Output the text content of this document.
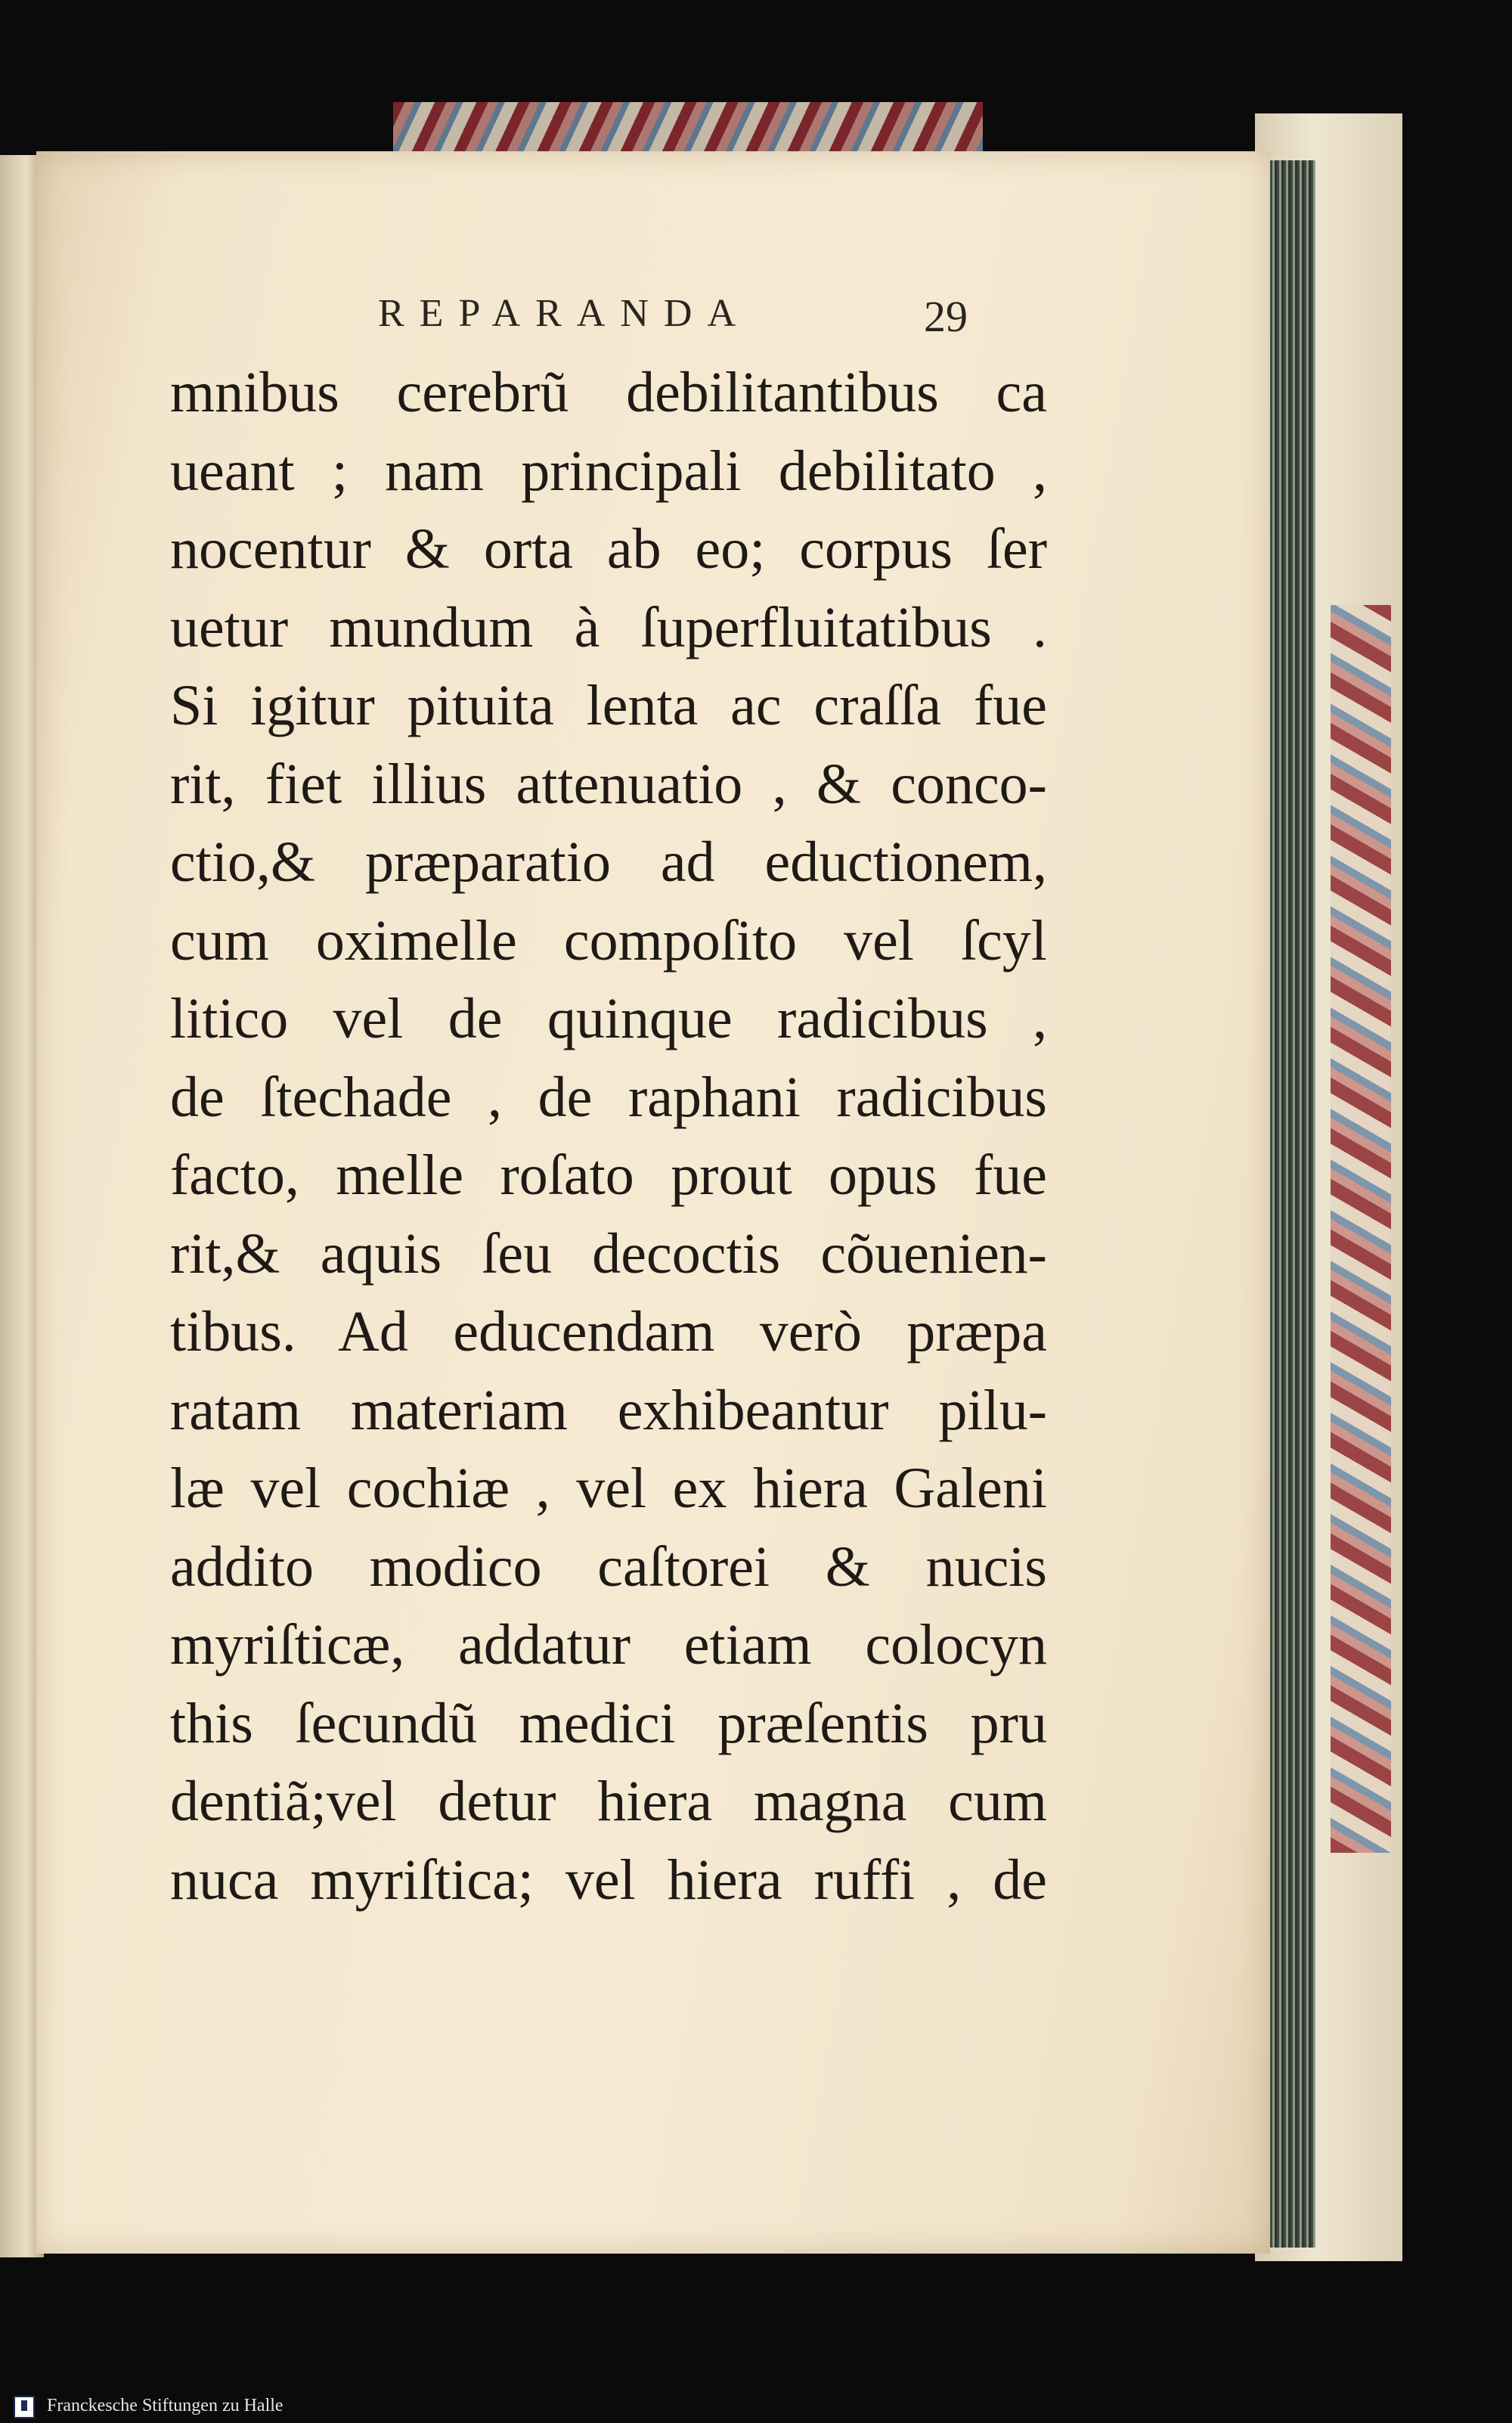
REPARANDA	29
mnibus cerebrũ debilitantibus ca
ueant ; nam principali debilitato ,
nocentur & orta ab eo; corpus ſer
uetur mundum à ſuperfluitatibus .
Si igitur pituita lenta ac craſſa fue
rit, fiet illius attenuatio , & conco-
ctio,& præparatio ad eductionem,
cum oximelle compoſito vel ſcyl
litico vel de quinque radicibus ,
de ſtechade , de raphani radicibus
facto, melle roſato prout opus fue
rit,& aquis ſeu decoctis cõuenien-
tibus. Ad educendam verò præpa
ratam materiam exhibeantur pilu-
læ vel cochiæ , vel ex hiera Galeni
addito modico caſtorei & nucis
myriſticæ, addatur etiam colocyn
this ſecundũ medici præſentis pru
dentiã;vel detur hiera magna cum
nuca myriſtica; vel hiera ruffi , de
Franckesche Stiftungen zu Halle
